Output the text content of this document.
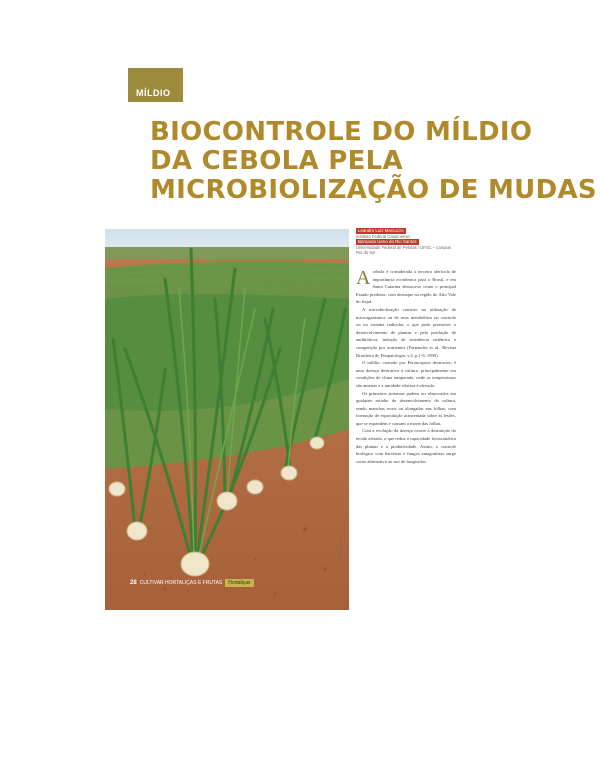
MÍLDIO
BIOCONTROLE DO MÍLDIO
DA CEBOLA PELA
MICROBIOLIZAÇÃO DE MUDAS
Foto: Marcuzzo
28 CULTIVAR HORTALIÇAS E FRUTAS	Hortaliças
Leandro Luiz Marcuzzo
Instituto Federal Catarinense
Bernardo Ueno do Rio Santos
Universidade Federal de Pelotas / UFSC – campus Rio do Sul

Acebola é considerada a terceira olerícola de importância econômica para o Brasil, e em Santa Catarina destaca-se como o principal Estado produtor, com destaque na região do Alto Vale do Itajaí.

A microbiolização consiste na utilização de microrganismos ou de seus metabólitos no controle ou no sistema radicular, o que pode promover o desenvolvimento de plantas e pela produção de antibióticos, indução de resistência sistêmica e competição por nutrientes (Fernandes et al., Revista Brasileira de Fitopatologia, v.4, p.1-9, 1990).

O míldio, causado por Peronospora destructor, é uma doença destrutiva à cultura, principalmente em condições de clima temperado, onde as temperaturas são amenas e a umidade relativa é elevada.

Os primeiros sintomas podem ser observados em qualquer estádio de desenvolvimento da cultura, sendo manchas ovais ou alongadas nas folhas, com formação de esporulação acinzentada sobre as lesões, que se expandem e causam a morte das folhas.

Com a evolução da doença ocorre a destruição do tecido afetado, o que reduz a capacidade fotossintética das plantas e a produtividade. Assim, o controle biológico com bactérias e fungos antagonistas surge como alternativa ao uso de fungicidas.
